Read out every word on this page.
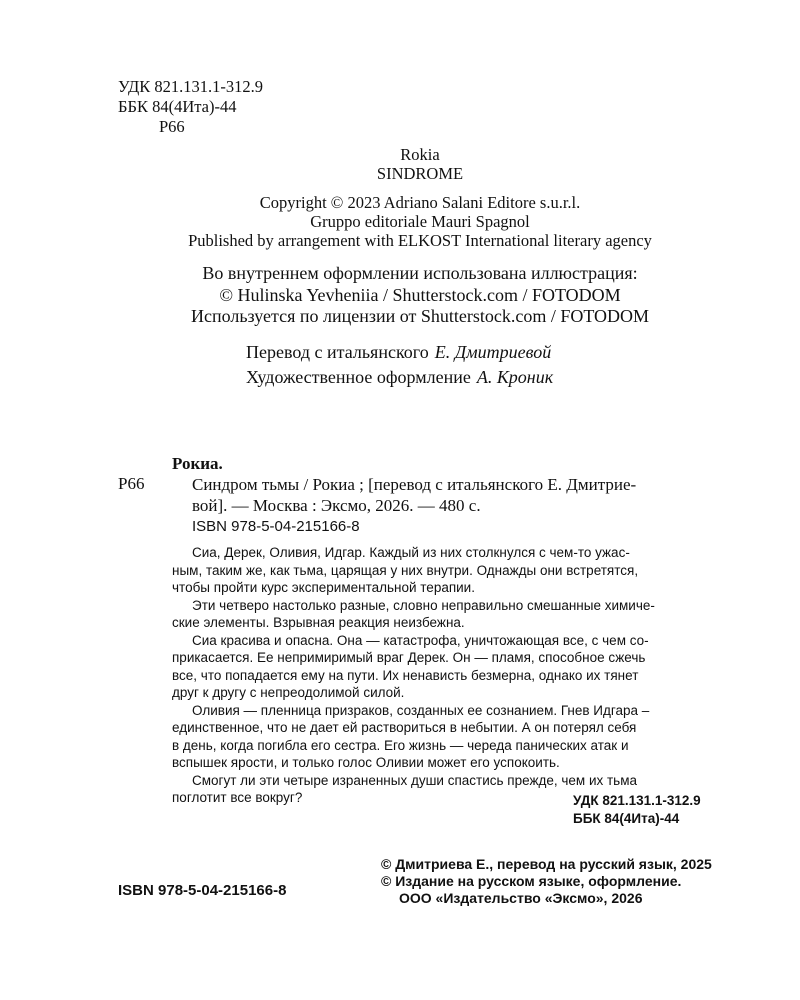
УДК 821.131.1-312.9
ББК 84(4Ита)-44
Р66
Rokia
SINDROME
Copyright © 2023 Adriano Salani Editore s.u.r.l.
Gruppo editoriale Mauri Spagnol
Published by arrangement with ELKOST International literary agency
Во внутреннем оформлении использована иллюстрация:
© Hulinska Yevheniia / Shutterstock.com / FOTODOM
Используется по лицензии от Shutterstock.com / FOTODOM
Перевод с итальянского Е. Дмитриевой
Художественное оформление А. Кроник
Рокиа.
Р66	Синдром тьмы / Рокиа ; [перевод с итальянского Е. Дмитрие-
вой]. — Москва : Эксмо, 2026. — 480 с.
ISBN 978-5-04-215166-8

Сиа, Дерек, Оливия, Идгар. Каждый из них столкнулся с чем-то ужас-
ным, таким же, как тьма, царящая у них внутри. Однажды они встретятся,
чтобы пройти курс экспериментальной терапии.

Эти четверо настолько разные, словно неправильно смешанные химиче-
ские элементы. Взрывная реакция неизбежна.

Сиа красива и опасна. Она — катастрофа, уничтожающая все, с чем со-
прикасается. Ее непримиримый враг Дерек. Он — пламя, способное сжечь
все, что попадается ему на пути. Их ненависть безмерна, однако их тянет
друг к другу с непреодолимой силой.

Оливия — пленница призраков, созданных ее сознанием. Гнев Идгара –
единственное, что не дает ей раствориться в небытии. А он потерял себя
в день, когда погибла его сестра. Его жизнь — череда панических атак и
вспышек ярости, и только голос Оливии может его успокоить.

Смогут ли эти четыре израненных души спастись прежде, чем их тьма
поглотит все вокруг?	УДК 821.131.1-312.9
ББК 84(4Ита)-44
© Дмитриева Е., перевод на русский язык, 2025
© Издание на русском языке, оформление.
ООО «Издательство «Эксмо», 2026
ISBN 978-5-04-215166-8
